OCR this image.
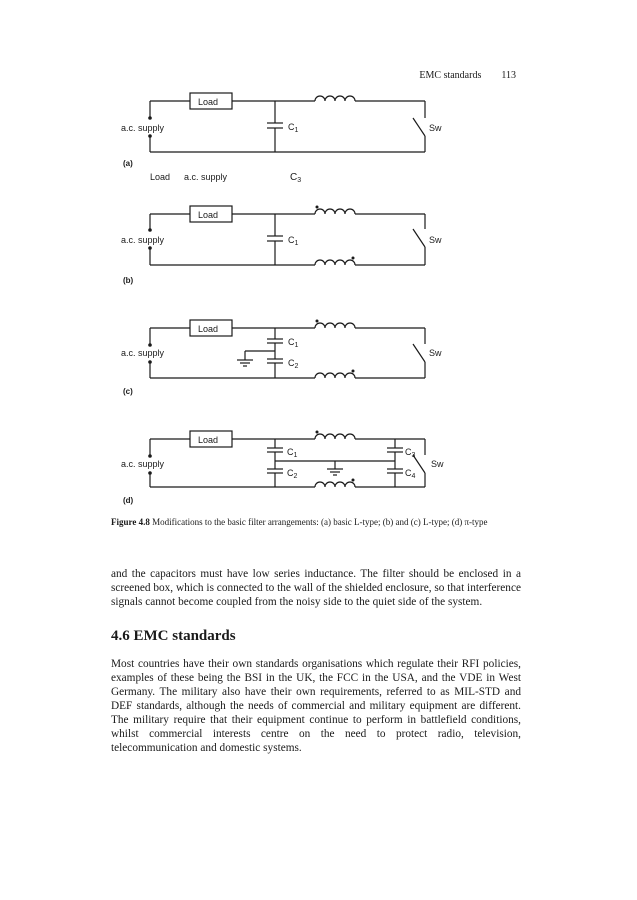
EMC standards 113
Load
$C_1$
a.c. supply	Sw
(a)
Load a.c. supply	$C_3$
Load
$C_1$
a.c. supply	Sw
(b)
Load
$C_1$
$C_2$
a.c. supply	Sw
(c)
Load
$C_1$
$C_2$
$C_3$
$C_4$
a.c. supply	Sw
(d)
Figure 4.8 Modifications to the basic filter arrangements: (a) basic L-type; (b) and (c) L-type; (d) π-type

and the capacitors must have low series inductance. The filter should be enclosed in a screened box, which is connected to the wall of the shielded enclosure, so that interference signals cannot become coupled from the noisy side to the quiet side of the system.

4.6 EMC standards

Most countries have their own standards organisations which regulate their RFI policies, examples of these being the BSI in the UK, the FCC in the USA, and the VDE in West Germany. The military also have their own requirements, referred to as MIL-STD and DEF standards, although the needs of commercial and military equipment are different. The military require that their equipment continue to perform in battlefield conditions, whilst commercial interests centre on the need to protect radio, television, telecommunication and domestic systems.
